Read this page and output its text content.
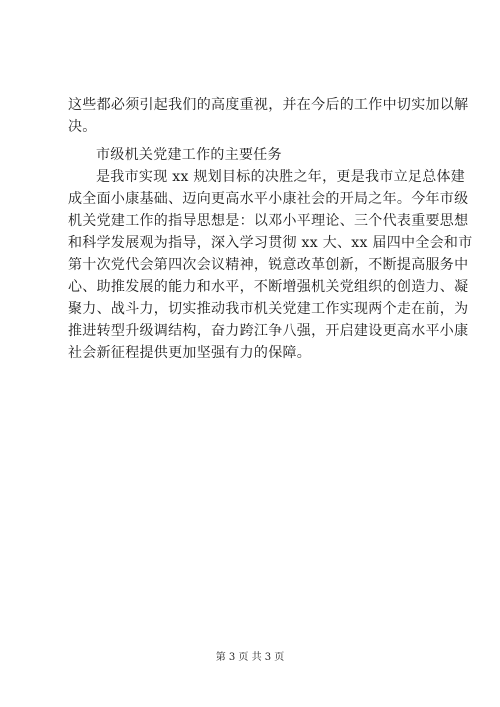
这些都必须引起我们的高度重视，并在今后的工作中切实加以解
决。
市级机关党建工作的主要任务
是我市实现 xx 规划目标的决胜之年，更是我市立足总体建
成全面小康基础、迈向更高水平小康社会的开局之年。今年市级
机关党建工作的指导思想是：以邓小平理论、三个代表重要思想
和科学发展观为指导，深入学习贯彻 xx 大、xx 届四中全会和市
第十次党代会第四次会议精神，锐意改革创新，不断提高服务中
心、助推发展的能力和水平，不断增强机关党组织的创造力、凝
聚力、战斗力，切实推动我市机关党建工作实现两个走在前，为
推进转型升级调结构，奋力跨江争八强，开启建设更高水平小康
社会新征程提供更加坚强有力的保障。
第 3 页 共 3 页
